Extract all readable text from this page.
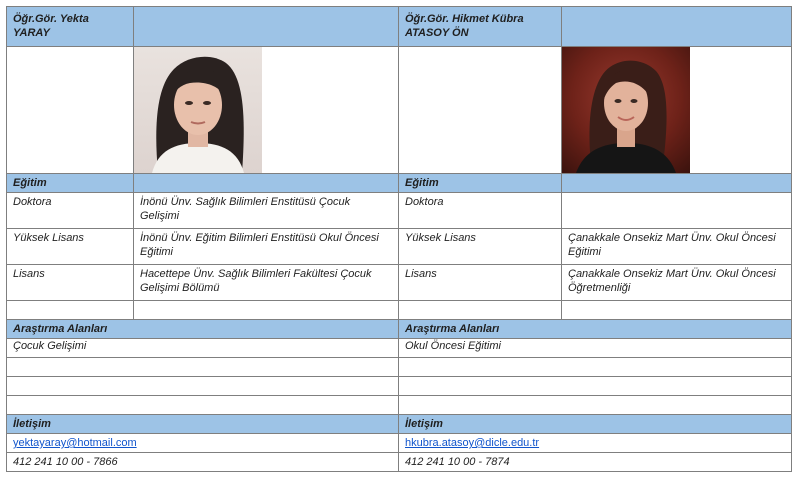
Öğr.Gör. Yekta YARAY		Öğr.Gör. Hikmet Kübra ATASOY ÖN	

Eğitim		Eğitim	
Doktora	İnönü Ünv. Sağlık Bilimleri Enstitüsü Çocuk Gelişimi	Doktora	
Yüksek Lisans	İnönü Ünv. Eğitim Bilimleri Enstitüsü Okul Öncesi Eğitimi	Yüksek Lisans	Çanakkale Onsekiz Mart Ünv. Okul Öncesi Eğitimi
Lisans	Hacettepe Ünv. Sağlık Bilimleri Fakültesi Çocuk Gelişimi Bölümü	Lisans	Çanakkale Onsekiz Mart Ünv. Okul Öncesi Öğretmenliği

Araştırma Alanları		Araştırma Alanları	
Çocuk Gelişimi		Okul Öncesi Eğitimi	

İletişim		İletişim	
yektayaray@hotmail.com		hkubra.atasoy@dicle.edu.tr	
412 241 10 00 - 7866		412 241 10 00 - 7874	
